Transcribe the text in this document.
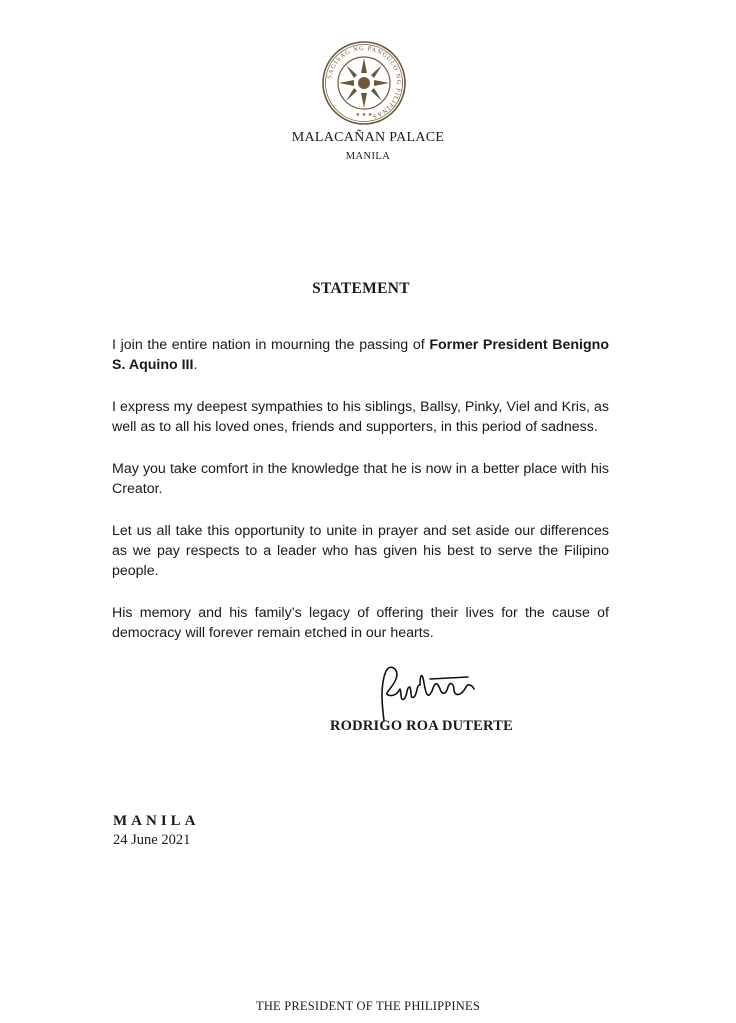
SAGISAG NG PANGULO NG PILIPINAS
★ ★ ★
MALACAÑAN PALACE
MANILA
STATEMENT

I join the entire nation in mourning the passing of Former President Benigno S. Aquino III.

I express my deepest sympathies to his siblings, Ballsy, Pinky, Viel and Kris, as well as to all his loved ones, friends and supporters, in this period of sadness.

May you take comfort in the knowledge that he is now in a better place with his Creator.

Let us all take this opportunity to unite in prayer and set aside our differences as we pay respects to a leader who has given his best to serve the Filipino people.

His memory and his family’s legacy of offering their lives for the cause of democracy will forever remain etched in our hearts.

RODRIGO ROA DUTERTE
MANILA
24 June 2021
THE PRESIDENT OF THE PHILIPPINES
